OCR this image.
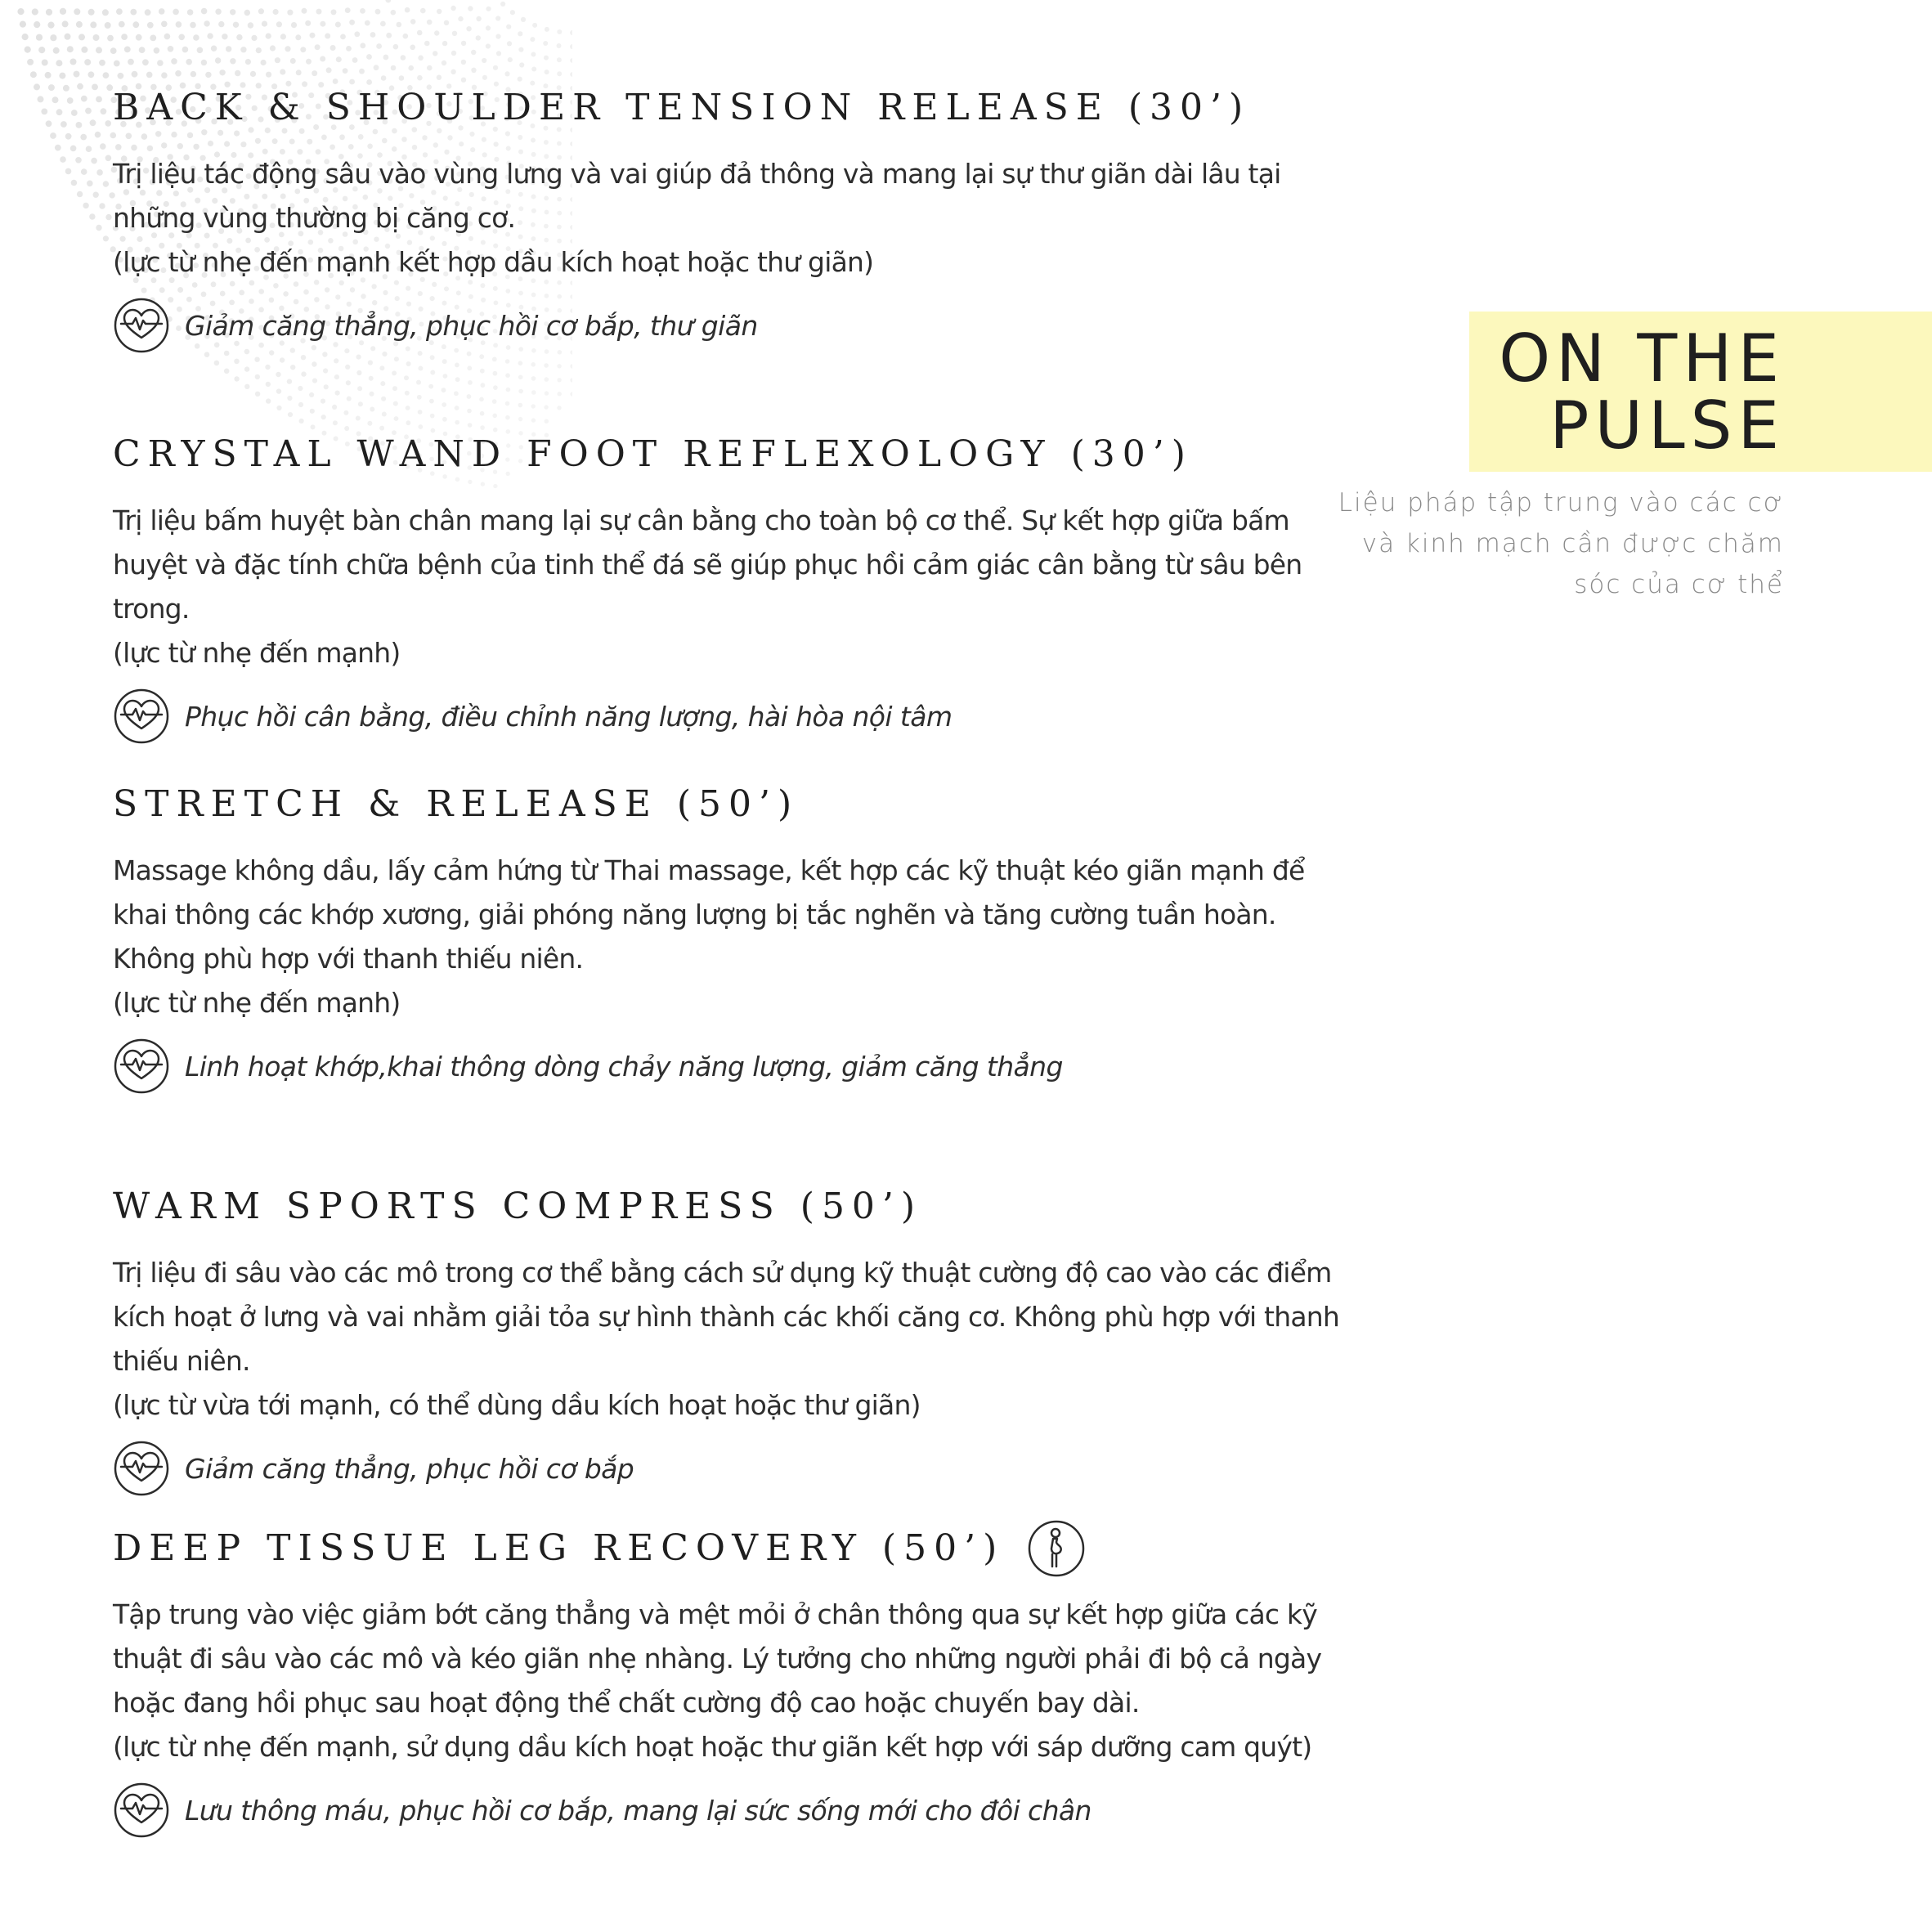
ON THE
PULSE

Liệu pháp tập trung vào các cơ
và kinh mạch cần được chăm
sóc của cơ thể

BACK & SHOULDER TENSION RELEASE (30’)

Trị liệu tác động sâu vào vùng lưng và vai giúp đả thông và mang lại sự thư giãn dài lâu tại những vùng thường bị căng cơ.

(lực từ nhẹ đến mạnh kết hợp dầu kích hoạt hoặc thư giãn)

Giảm căng thẳng, phục hồi cơ bắp, thư giãn
CRYSTAL WAND FOOT REFLEXOLOGY (30’)

Trị liệu bấm huyệt bàn chân mang lại sự cân bằng cho toàn bộ cơ thể. Sự kết hợp giữa bấm huyệt và đặc tính chữa bệnh của tinh thể đá sẽ giúp phục hồi cảm giác cân bằng từ sâu bên trong.

(lực từ nhẹ đến mạnh)

Phục hồi cân bằng, điều chỉnh năng lượng, hài hòa nội tâm
STRETCH & RELEASE (50’)

Massage không dầu, lấy cảm hứng từ Thai massage, kết hợp các kỹ thuật kéo giãn mạnh để khai thông các khớp xương, giải phóng năng lượng bị tắc nghẽn và tăng cường tuần hoàn. Không phù hợp với thanh thiếu niên.

(lực từ nhẹ đến mạnh)

Linh hoạt khớp,khai thông dòng chảy năng lượng, giảm căng thẳng
WARM SPORTS COMPRESS (50’)

Trị liệu đi sâu vào các mô trong cơ thể bằng cách sử dụng kỹ thuật cường độ cao vào các điểm kích hoạt ở lưng và vai nhằm giải tỏa sự hình thành các khối căng cơ. Không phù hợp với thanh thiếu niên.

(lực từ vừa tới mạnh, có thể dùng dầu kích hoạt hoặc thư giãn)

Giảm căng thẳng, phục hồi cơ bắp
DEEP TISSUE LEG RECOVERY (50’)

Tập trung vào việc giảm bớt căng thẳng và mệt mỏi ở chân thông qua sự kết hợp giữa các kỹ thuật đi sâu vào các mô và kéo giãn nhẹ nhàng. Lý tưởng cho những người phải đi bộ cả ngày hoặc đang hồi phục sau hoạt động thể chất cường độ cao hoặc chuyến bay dài.

(lực từ nhẹ đến mạnh, sử dụng dầu kích hoạt hoặc thư giãn kết hợp với sáp dưỡng cam quýt)

Lưu thông máu, phục hồi cơ bắp, mang lại sức sống mới cho đôi chân
